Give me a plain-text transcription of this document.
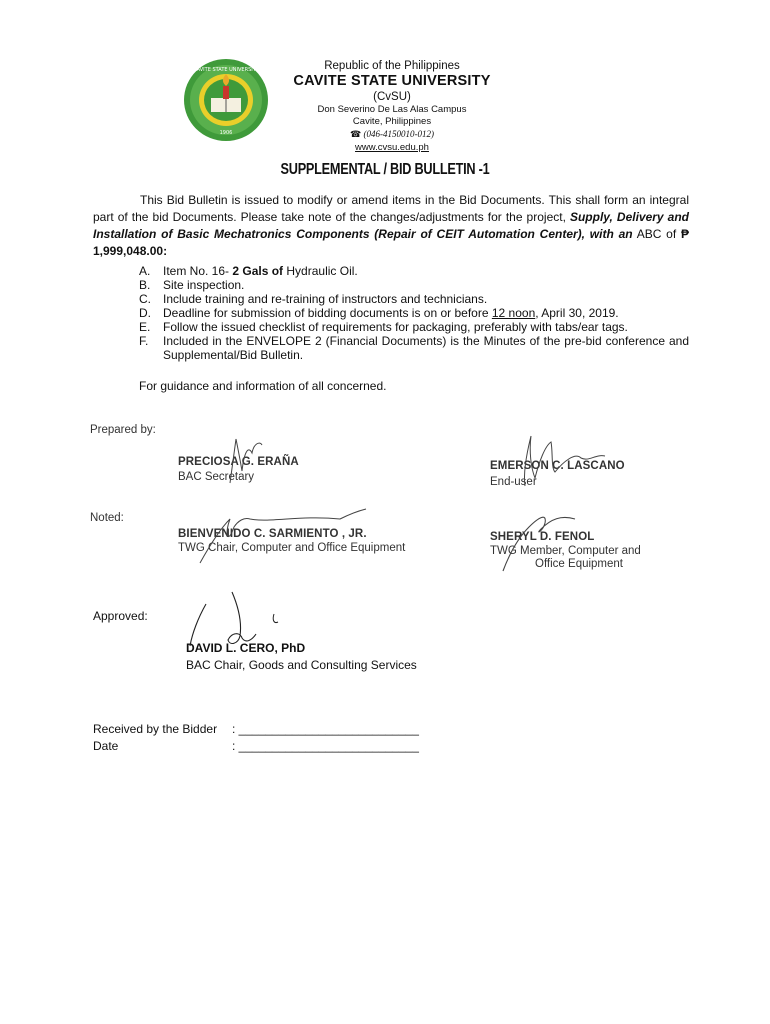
CAVITE STATE UNIVERSITY
1906
Republic of the Philippines
CAVITE STATE UNIVERSITY
(CvSU)
Don Severino De Las Alas Campus
Cavite, Philippines
☎ (046-4150010-012)
www.cvsu.edu.ph
SUPPLEMENTAL / BID BULLETIN -1
This Bid Bulletin is issued to modify or amend items in the Bid Documents. This shall form an integral part of the bid Documents. Please take note of the changes/adjustments for the project, Supply, Delivery and Installation of Basic Mechatronics Components (Repair of CEIT Automation Center), with an ABC of ₱ 1,999,048.00:
A.	Item No. 16- 2 Gals of Hydraulic Oil.
B.	Site inspection.
C.	Include training and re-training of instructors and technicians.
D.	Deadline for submission of bidding documents is on or before 12 noon, April 30, 2019.
E.	Follow the issued checklist of requirements for packaging, preferably with tabs/ear tags.
F.	Included in the ENVELOPE 2 (Financial Documents) is the Minutes of the pre-bid conference and Supplemental/Bid Bulletin.
For guidance and information of all concerned.
Prepared by:
PRECIOSA G. ERAÑA
BAC Secretary
EMERSON C. LASCANO
End-user
Noted:
BIENVENIDO C. SARMIENTO , JR.
TWG Chair, Computer and Office Equipment
SHERYL D. FENOL
TWG Member, Computer and
Office Equipment
Approved:
DAVID L. CERO, PhD
BAC Chair, Goods and Consulting Services
Received by the Bidder : ___________________________
Date	: ___________________________
